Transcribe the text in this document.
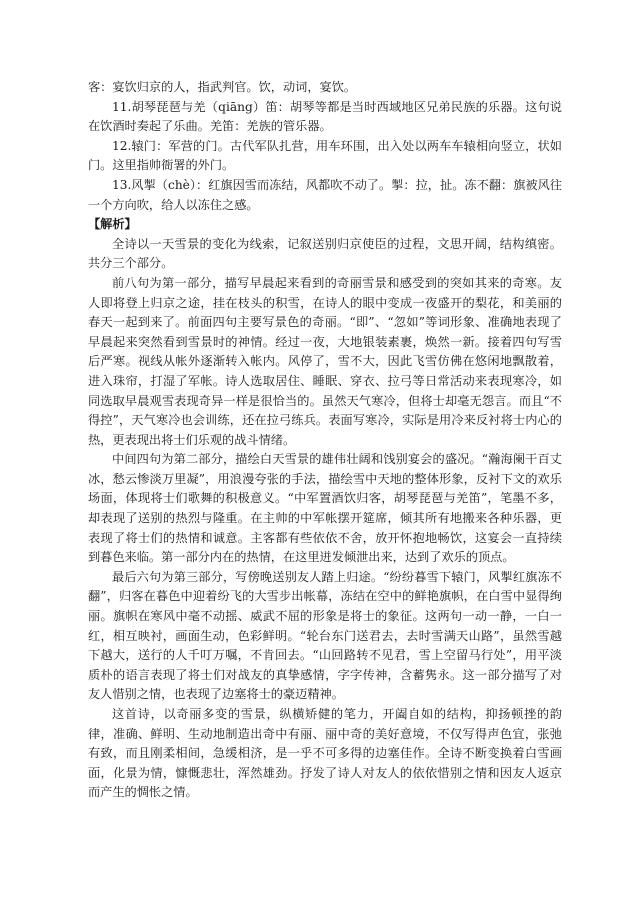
客：宴饮归京的人，指武判官。饮，动词，宴饮。

11.胡琴琵琶与羌（qiāng）笛：胡琴等都是当时西域地区兄弟民族的乐器。这句说在饮酒时奏起了乐曲。羌笛：羌族的管乐器。

12.辕门：军营的门。古代军队扎营，用车环围，出入处以两车车辕相向竖立，状如门。这里指帅衙署的外门。

13.风掣（chè）：红旗因雪而冻结，风都吹不动了。掣：拉，扯。冻不翻：旗被风往一个方向吹，给人以冻住之感。

【解析】

全诗以一天雪景的变化为线索，记叙送别归京使臣的过程，文思开阔，结构缜密。共分三个部分。

前八句为第一部分，描写早晨起来看到的奇丽雪景和感受到的突如其来的奇寒。友人即将登上归京之途，挂在枝头的积雪，在诗人的眼中变成一夜盛开的梨花，和美丽的春天一起到来了。前面四句主要写景色的奇丽。“即”、“忽如”等词形象、准确地表现了早晨起来突然看到雪景时的神情。经过一夜，大地银装素裹，焕然一新。接着四句写雪后严寒。视线从帐外逐渐转入帐内。风停了，雪不大，因此飞雪仿佛在悠闲地飘散着，进入珠帘，打湿了军帐。诗人选取居住、睡眠、穿衣、拉弓等日常活动来表现寒冷，如同选取早晨观雪表现奇异一样是很恰当的。虽然天气寒冷，但将士却毫无怨言。而且“不得控”，天气寒冷也会训练，还在拉弓练兵。表面写寒冷，实际是用冷来反衬将士内心的热，更表现出将士们乐观的战斗情绪。

中间四句为第二部分，描绘白天雪景的雄伟壮阔和饯别宴会的盛况。“瀚海阑干百丈冰，愁云惨淡万里凝”，用浪漫夸张的手法，描绘雪中天地的整体形象，反衬下文的欢乐场面，体现将士们歌舞的积极意义。“中军置酒饮归客，胡琴琵琶与羌笛”，笔墨不多，却表现了送别的热烈与隆重。在主帅的中军帐摆开筵席，倾其所有地搬来各种乐器，更表现了将士们的热情和诚意。主客都有些依依不舍，放开怀抱地畅饮，这宴会一直持续到暮色来临。第一部分内在的热情，在这里迸发倾泄出来，达到了欢乐的顶点。

最后六句为第三部分，写傍晚送别友人踏上归途。“纷纷暮雪下辕门，风掣红旗冻不翻”，归客在暮色中迎着纷飞的大雪步出帐幕，冻结在空中的鲜艳旗帜，在白雪中显得绚丽。旗帜在寒风中毫不动摇、威武不屈的形象是将士的象征。这两句一动一静，一白一红，相互映衬，画面生动，色彩鲜明。“轮台东门送君去，去时雪满天山路”，虽然雪越下越大，送行的人千叮万嘱，不肯回去。“山回路转不见君，雪上空留马行处”，用平淡质朴的语言表现了将士们对战友的真挚感情，字字传神，含蓄隽永。这一部分描写了对友人惜别之情，也表现了边塞将士的豪迈精神。

这首诗，以奇丽多变的雪景，纵横矫健的笔力，开阖自如的结构，抑扬顿挫的韵律，准确、鲜明、生动地制造出奇中有丽、丽中奇的美好意境，不仅写得声色宜，张弛有致，而且刚柔相间，急缓相济，是一乎不可多得的边塞佳作。全诗不断变换着白雪画面，化景为情，慷慨悲壮，浑然雄劲。抒发了诗人对友人的依依惜别之情和因友人返京而产生的惆怅之情。
